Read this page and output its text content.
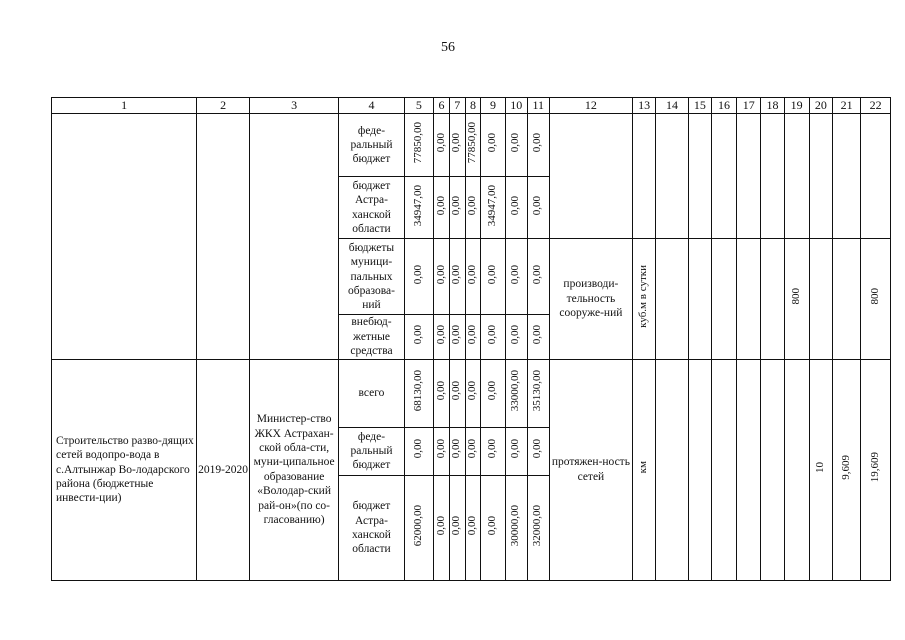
56
1	2	3	4	5	6	7	8	9	10	11	12	13	14	15	16	17	18	19	20	21	22
			феде-ральный бюджет	77850,00	0,00	0,00	77850,00	0,00	0,00	0,00											
			бюджет Астра-ханской области	34947,00	0,00	0,00	0,00	34947,00	0,00	0,00											
			бюджеты муници-пальных образова-ний	0,00	0,00	0,00	0,00	0,00	0,00	0,00	производи-тельность сооруже-ний	куб.м в сутки						800			800
			внебюд-жетные средства	0,00	0,00	0,00	0,00	0,00	0,00	0,00											
Строительство разво-дящих сетей водопро-вода в с.Алтынжар Во-лодарского района (бюджетные инвести-ции)	2019-2020	Министер-ство ЖКХ Астрахан-ской обла-сти, муни-ципальное образование «Володар-ский рай-он»(по со-гласованию)	всего	68130,00	0,00	0,00	0,00	0,00	33000,00	35130,00	протяжен-ность сетей	км							10	9,609	19,609
			феде-ральный бюджет	0,00	0,00	0,00	0,00	0,00	0,00	0,00											
			бюджет Астра-ханской области	62000,00	0,00	0,00	0,00	0,00	30000,00	32000,00											
